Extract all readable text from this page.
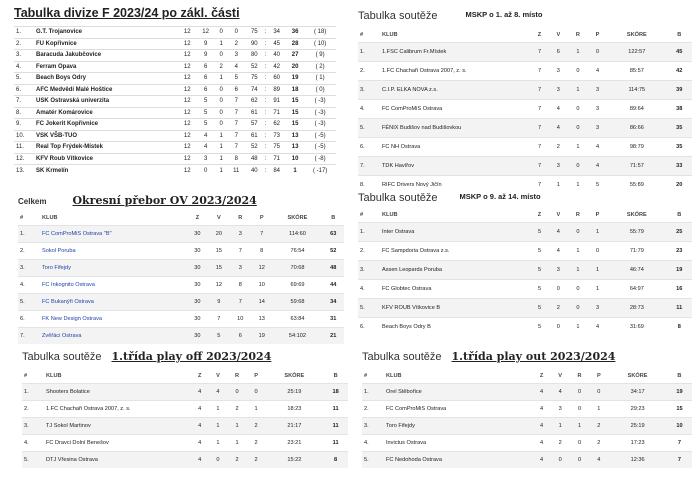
Tabulka divize F 2023/24 po zákl. části
1.	G.T. Trojanovice	12	12	0	0	75	:	34	36	( 18)
2.	FU Kopřivnice	12	9	1	2	90	:	45	28	( 10)
3.	Baracuda Jakubčovice	12	9	0	3	80	:	40	27	( 9)
4.	Ferram Opava	12	6	2	4	52	:	42	20	( 2)
5.	Beach Boys Odry	12	6	1	5	75	:	60	19	( 1)
6.	AFC Medvědí Malé Hoštice	12	6	0	6	74	:	89	18	( 0)
7.	USK Ostravská univerzita	12	5	0	7	62	:	91	15	( -3)
8.	Amatér Komárovice	12	5	0	7	61	:	71	15	( -3)
9.	FC Jokerit Kopřivnice	12	5	0	7	57	:	62	15	( -3)
10.	VSK VŠB-TUO	12	4	1	7	61	:	73	13	( -5)
11.	Real Top Frýdek-Místek	12	4	1	7	52	:	75	13	( -5)
12.	KFV Roub Vítkovice	12	3	1	8	48	:	71	10	( -8)
13.	SK Krmelín	12	0	1	11	40	:	84	1	( -17)
Tabulka soutěže	MSKP o 1. až 8. místo
#	KLUB	Z	V	R	P	SKÓRE	B
1.	1.FSC Calibrum Fr.Místek	7	6	1	0	122:57	45
2.	1.FC Chachaři Ostrava 2007, z. s.	7	3	0	4	85:57	42
3.	C.I.P. ELKA NOVA z.s.	7	3	1	3	114:75	39
4.	FC ComProMiS Ostrava	7	4	0	3	89:64	38
5.	FÉNIX Budišov nad Budišovkou	7	4	0	3	86:66	35
6.	FC NH Ostrava	7	2	1	4	98:79	35
7.	TDK Havířov	7	3	0	4	71:57	33
8.	RIFC Drivers Nový Jičín	7	1	1	5	55:89	20
Celkem Okresní přebor OV 2023/2024
#	KLUB	Z	V	R	P	SKÓRE	B
1.	FC ComProMiS Ostrava "B"	30	20	3	7	114:60	63
2.	Sokol Poruba	30	15	7	8	76:54	52
3.	Toro Fifejdy	30	15	3	12	70:68	48
4.	FC Inkognito Ostrava	30	12	8	10	69:69	44
5.	FC Bukanýři Ostrava	30	9	7	14	59:68	34
6.	FK New Design Ostrava	30	7	10	13	63:84	31
7.	Zvěřáci Ostrava	30	5	6	19	54:102	21
Tabulka soutěže	MSKP o 9. až 14. místo
#	KLUB	Z	V	R	P	SKÓRE	B
1.	Inter Ostrava	5	4	0	1	55:79	25
2.	FC Sampdoria Ostrava z.s.	5	4	1	0	71:79	23
3.	Assen Leopards Poruba	5	3	1	1	46:74	19
4.	FC Globtec Ostrava	5	0	0	1	64:97	16
5.	KFV ROUB Vítkovice B	5	2	0	3	28:73	11
6.	Beach Boys Odry B	5	0	1	4	31:69	8
Tabulka soutěže 1.třída play off 2023/2024
#	KLUB	Z	V	R	P	SKÓRE	B
1.	Shooters Bolatice	4	4	0	0	25:19	18
2.	1.FC Chachaři Ostrava 2007, z. s.	4	1	2	1	18:23	11
3.	TJ Sokol Martinov	4	1	1	2	21:17	11
4.	FC Dravci Dolní Benešov	4	1	1	2	23:21	11
5.	DTJ Vřesina Ostrava	4	0	2	2	15:22	8
Tabulka soutěže 1.třída play out 2023/2024
#	KLUB	Z	V	R	P	SKÓRE	B
1.	Orel Stěbořice	4	4	0	0	34:17	19
2.	FC ComProMiS Ostrava	4	3	0	1	29:23	15
3.	Toro Fifejdy	4	1	1	2	25:19	10
4.	Invictus Ostrava	4	2	0	2	17:23	7
5.	FC Nedohoda Ostrava	4	0	0	4	12:36	7
